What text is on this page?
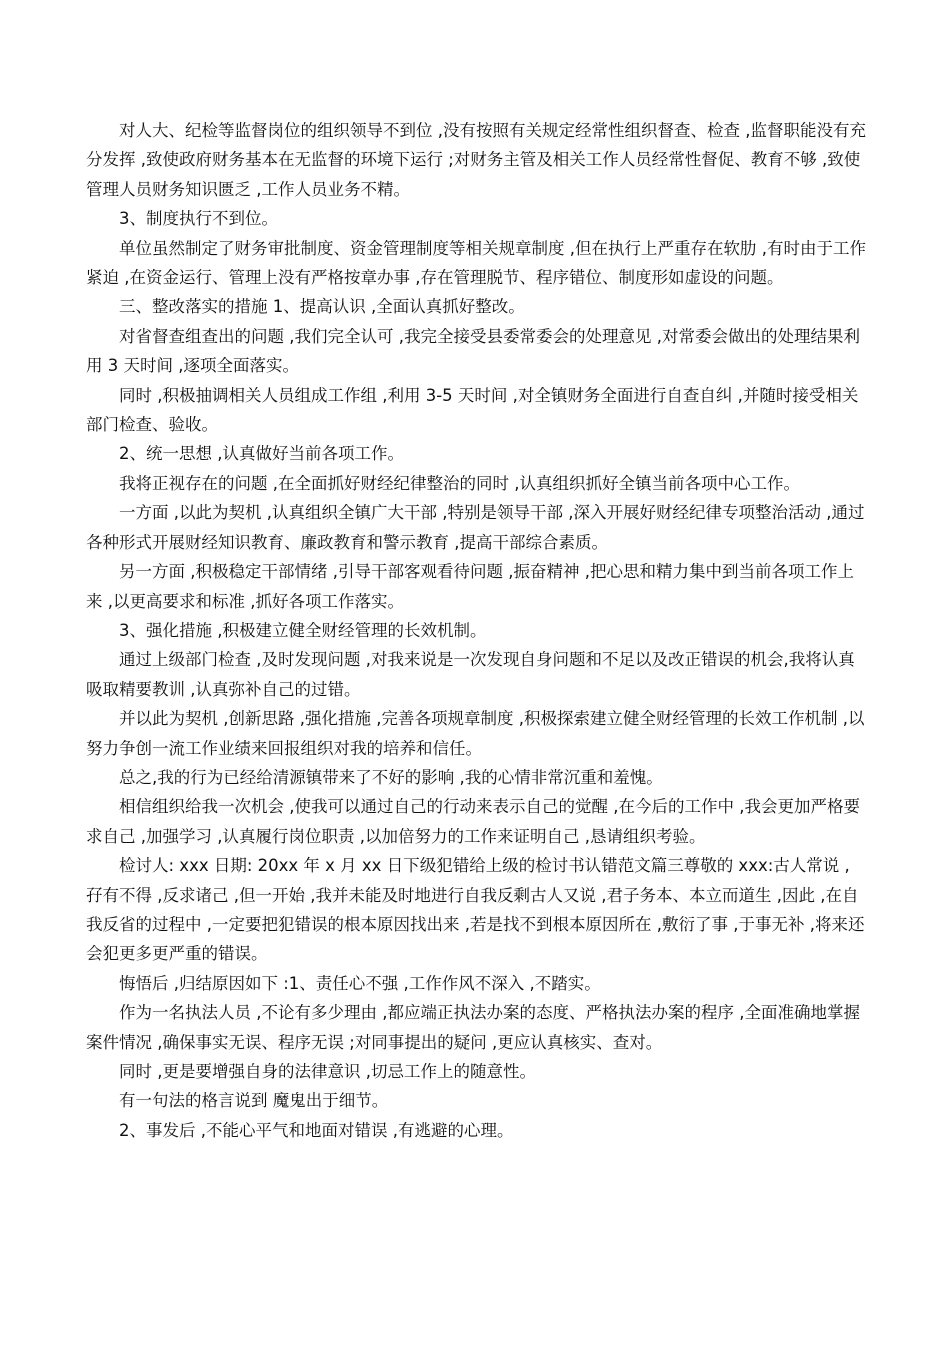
对人大、纪检等监督岗位的组织领导不到位 ,没有按照有关规定经常性组织督查、检查 ,监督职能没有充分发挥 ,致使政府财务基本在无监督的环境下运行 ;对财务主管及相关工作人员经常性督促、教育不够 ,致使管理人员财务知识匮乏 ,工作人员业务不精。

3、制度执行不到位。

单位虽然制定了财务审批制度、资金管理制度等相关规章制度 ,但在执行上严重存在软肋 ,有时由于工作紧迫 ,在资金运行、管理上没有严格按章办事 ,存在管理脱节、程序错位、制度形如虚设的问题。

三、整改落实的措施 1、提高认识 ,全面认真抓好整改。

对省督查组查出的问题 ,我们完全认可 ,我完全接受县委常委会的处理意见 ,对常委会做出的处理结果利用 3 天时间 ,逐项全面落实。

同时 ,积极抽调相关人员组成工作组 ,利用 3-5 天时间 ,对全镇财务全面进行自查自纠 ,并随时接受相关部门检查、验收。

2、统一思想 ,认真做好当前各项工作。

我将正视存在的问题 ,在全面抓好财经纪律整治的同时 ,认真组织抓好全镇当前各项中心工作。

一方面 ,以此为契机 ,认真组织全镇广大干部 ,特别是领导干部 ,深入开展好财经纪律专项整治活动 ,通过各种形式开展财经知识教育、廉政教育和警示教育 ,提高干部综合素质。

另一方面 ,积极稳定干部情绪 ,引导干部客观看待问题 ,振奋精神 ,把心思和精力集中到当前各项工作上来 ,以更高要求和标准 ,抓好各项工作落实。

3、强化措施 ,积极建立健全财经管理的长效机制。

通过上级部门检查 ,及时发现问题 ,对我来说是一次发现自身问题和不足以及改正错误的机会,我将认真吸取精要教训 ,认真弥补自己的过错。

并以此为契机 ,创新思路 ,强化措施 ,完善各项规章制度 ,积极探索建立健全财经管理的长效工作机制 ,以努力争创一流工作业绩来回报组织对我的培养和信任。

总之,我的行为已经给清源镇带来了不好的影响 ,我的心情非常沉重和羞愧。

相信组织给我一次机会 ,使我可以通过自己的行动来表示自己的觉醒 ,在今后的工作中 ,我会更加严格要求自己 ,加强学习 ,认真履行岗位职责 ,以加倍努力的工作来证明自己 ,恳请组织考验。

检讨人: xxx 日期: 20xx 年 x 月 xx 日下级犯错给上级的检讨书认错范文篇三尊敬的 xxx:古人常说 ,孖有不得 ,反求诸己 ,但一开始 ,我并未能及时地进行自我反剩古人又说 ,君子务本、本立而道生 ,因此 ,在自我反省的过程中 ,一定要把犯错误的根本原因找出来 ,若是找不到根本原因所在 ,敷衍了事 ,于事无补 ,将来还会犯更多更严重的错误。

悔悟后 ,归结原因如下 :1、责任心不强 ,工作作风不深入 ,不踏实。

作为一名执法人员 ,不论有多少理由 ,都应端正执法办案的态度、严格执法办案的程序 ,全面准确地掌握案件情况 ,确保事实无误、程序无误 ;对同事提出的疑问 ,更应认真核实、查对。

同时 ,更是要增强自身的法律意识 ,切忌工作上的随意性。

有一句法的格言说到 魔鬼出于细节。

2、事发后 ,不能心平气和地面对错误 ,有逃避的心理。
